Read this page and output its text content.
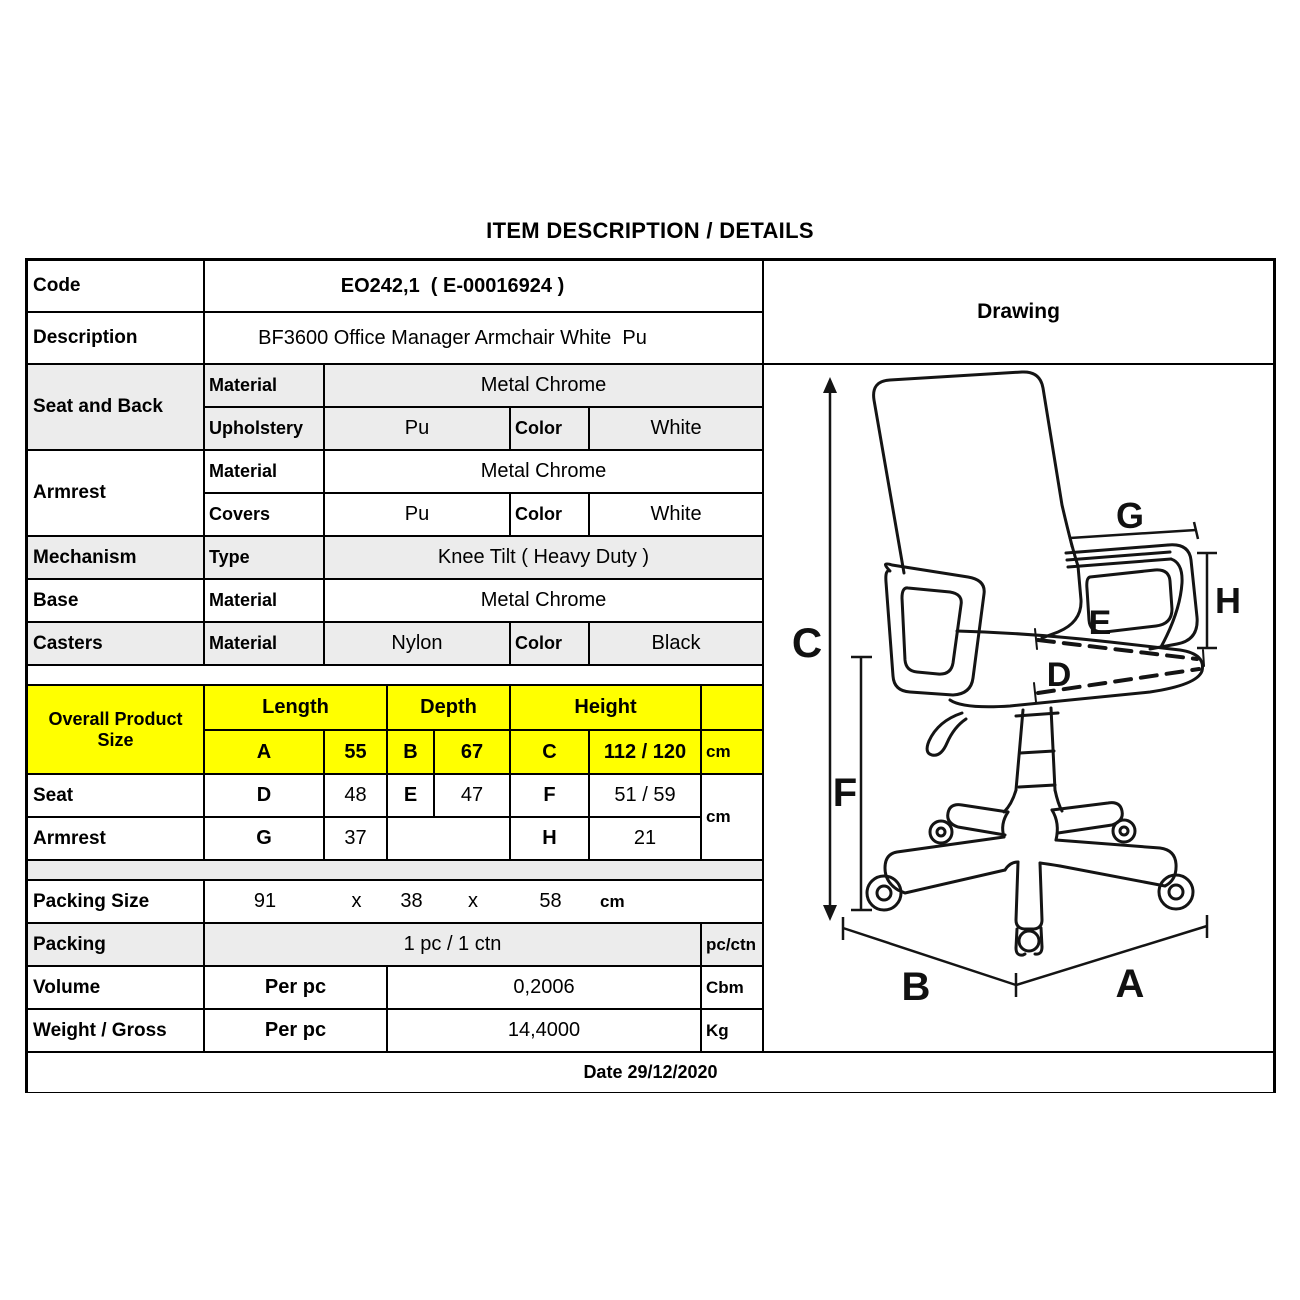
ITEM DESCRIPTION / DETAILS
Code	EO242,1  ( E-00016924 )
Description	BF3600 Office Manager Armchair White  Pu
Seat and Back
Material	Metal Chrome
Upholstery	Pu	Color	White
Armrest
Material	Metal Chrome
Covers	Pu	Color	White
Mechanism	Type	Knee Tilt ( Heavy Duty )
Base	Material	Metal Chrome
Casters	Material	Nylon	Color	Black
Overall Product
Size
Length	Depth	Height
A	55	B	67	C	112 / 120	cm
Seat	D	48	E	47	F	51 / 59
cm
Armrest	G	37	H	21
Packing Size	91	x	38	x	58	cm
Packing	1 pc / 1 ctn	pc/ctn
Volume	Per pc	0,2006	Cbm
Weight / Gross	Per pc	14,4000	Kg
Drawing
C
F
G
H
E
D
B	A
Date 29/12/2020
